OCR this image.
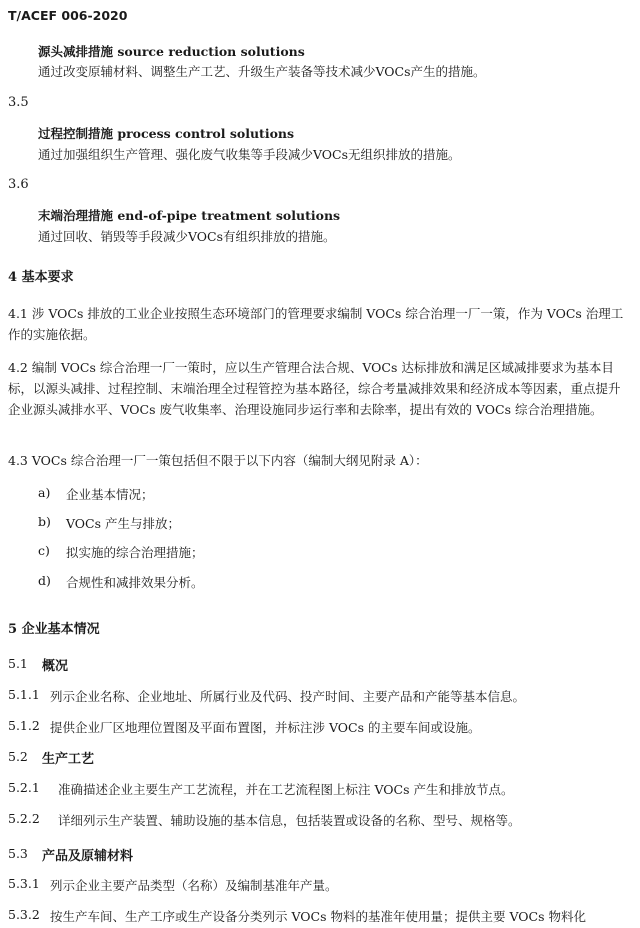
T/ACEF 006-2020
源头减排措施 source reduction solutions
通过改变原辅材料、调整生产工艺、升级生产装备等技术减少VOCs产生的措施。
3.5
过程控制措施 process control solutions
通过加强组织生产管理、强化废气收集等手段减少VOCs无组织排放的措施。
3.6
末端治理措施 end-of-pipe treatment solutions
通过回收、销毁等手段减少VOCs有组织排放的措施。
4 基本要求
4.1 涉 VOCs 排放的工业企业按照生态环境部门的管理要求编制 VOCs 综合治理一厂一策，作为 VOCs 治理工作的实施依据。
4.2 编制 VOCs 综合治理一厂一策时，应以生产管理合法合规、VOCs 达标排放和满足区域减排要求为基本目标，以源头减排、过程控制、末端治理全过程管控为基本路径，综合考量减排效果和经济成本等因素，重点提升企业源头减排水平、VOCs 废气收集率、治理设施同步运行率和去除率，提出有效的 VOCs 综合治理措施。
4.3 VOCs 综合治理一厂一策包括但不限于以下内容（编制大纲见附录 A）：
a) 企业基本情况；
b) VOCs 产生与排放；
c) 拟实施的综合治理措施；
d) 合规性和减排效果分析。
5 企业基本情况
5.1 概况
5.1.1 列示企业名称、企业地址、所属行业及代码、投产时间、主要产品和产能等基本信息。
5.1.2 提供企业厂区地理位置图及平面布置图，并标注涉 VOCs 的主要车间或设施。
5.2 生产工艺
5.2.1 准确描述企业主要生产工艺流程，并在工艺流程图上标注 VOCs 产生和排放节点。
5.2.2 详细列示生产装置、辅助设施的基本信息，包括装置或设备的名称、型号、规格等。
5.3 产品及原辅材料
5.3.1 列示企业主要产品类型（名称）及编制基准年产量。
5.3.2 按生产车间、生产工序或生产设备分类列示 VOCs 物料的基准年使用量；提供主要 VOCs 物料化
